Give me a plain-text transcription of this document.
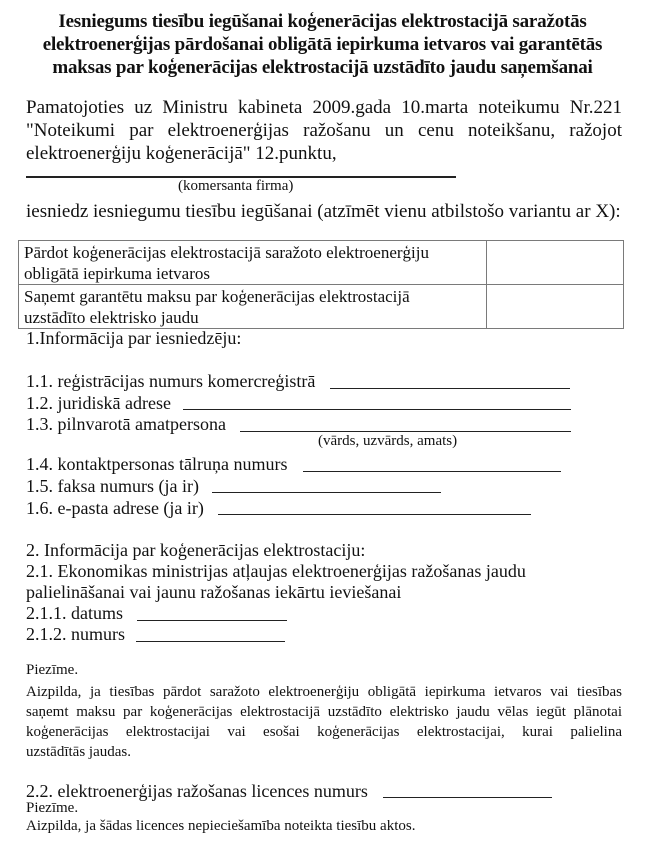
Iesniegums tiesību iegūšanai koģenerācijas elektrostacijā saražotās
elektroenerģijas pārdošanai obligātā iepirkuma ietvaros vai garantētās
maksas par koģenerācijas elektrostacijā uzstādīto jaudu saņemšanai
Pamatojoties uz Ministru kabineta 2009.gada 10.marta noteikumu Nr.221
"Noteikumi par elektroenerģijas ražošanu un cenu noteikšanu, ražojot
elektroenerģiju koģenerācijā" 12.punktu,
(komersanta firma)
iesniedz iesniegumu tiesību iegūšanai (atzīmēt vienu atbilstošo variantu ar X):
Pārdot koģenerācijas elektrostacijā saražoto elektroenerģiju
obligātā iepirkuma ietvaros	

Saņemt garantētu maksu par koģenerācijas elektrostacijā
uzstādīto elektrisko jaudu	

1.Informācija par iesniedzēju:
1.1. reģistrācijas numurs komercreģistrā
1.2. juridiskā adrese
1.3. pilnvarotā amatpersona
(vārds, uzvārds, amats)
1.4. kontaktpersonas tālruņa numurs
1.5. faksa numurs (ja ir)
1.6. e-pasta adrese (ja ir)
2. Informācija par koģenerācijas elektrostaciju:
2.1. Ekonomikas ministrijas atļaujas elektroenerģijas ražošanas jaudu
palielināšanai vai jaunu ražošanas iekārtu ieviešanai
2.1.1. datums
2.1.2. numurs
Piezīme.
Aizpilda, ja tiesības pārdot saražoto elektroenerģiju obligātā iepirkuma ietvaros vai tiesības
saņemt maksu par koģenerācijas elektrostacijā uzstādīto elektrisko jaudu vēlas iegūt plānotai
koģenerācijas elektrostacijai vai esošai koģenerācijas elektrostacijai, kurai palielina
uzstādītās jaudas.
2.2. elektroenerģijas ražošanas licences numurs
Piezīme.
Aizpilda, ja šādas licences nepieciešamība noteikta tiesību aktos.
